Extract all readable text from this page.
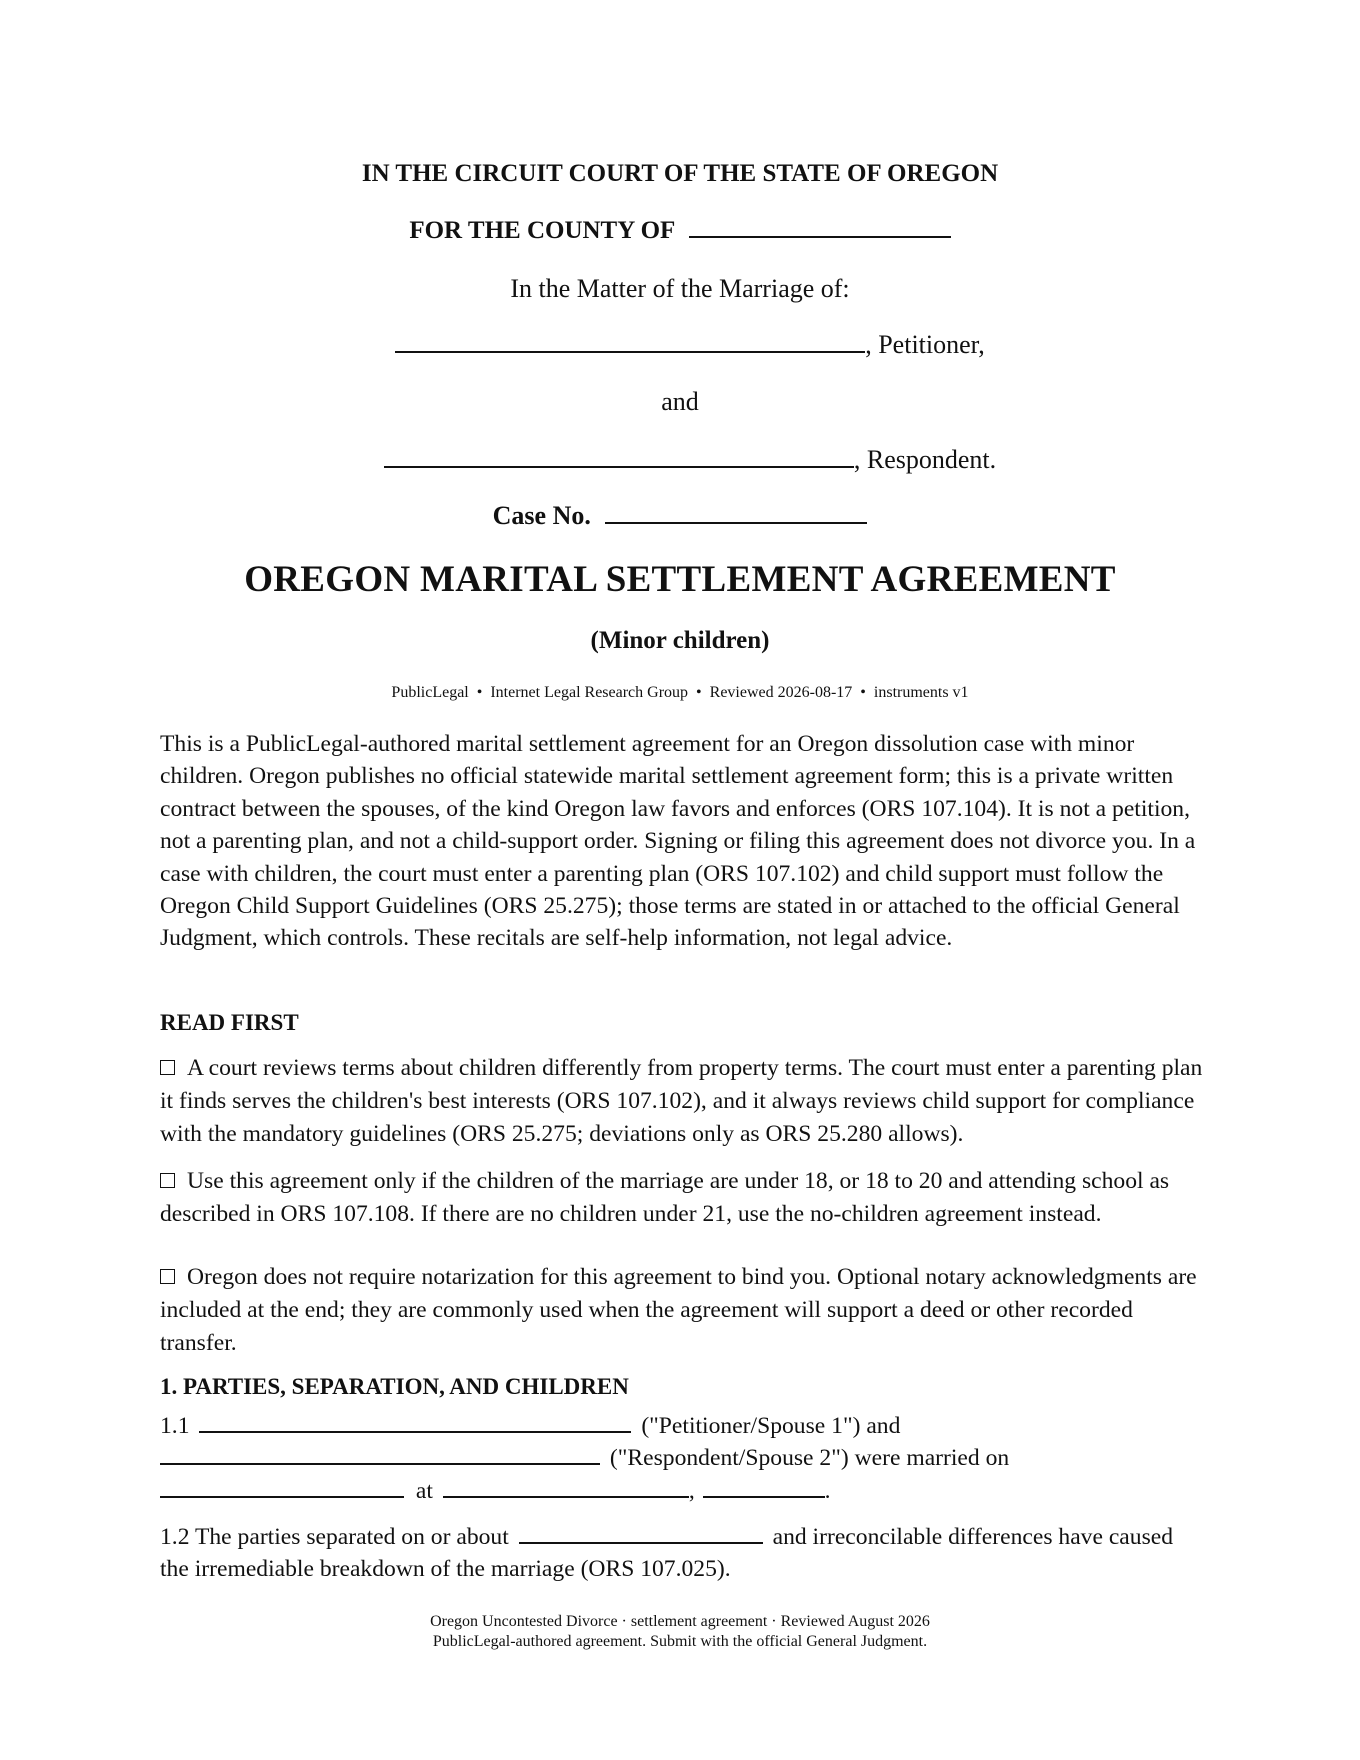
IN THE CIRCUIT COURT OF THE STATE OF OREGON
FOR THE COUNTY OF
In the Matter of the Marriage of:
, Petitioner,
and
, Respondent.
Case No.
OREGON MARITAL SETTLEMENT AGREEMENT
(Minor children)
PublicLegal • Internet Legal Research Group • Reviewed 2026-08-17 • instruments v1
This is a PublicLegal-authored marital settlement agreement for an Oregon dissolution case with minor children. Oregon publishes no official statewide marital settlement agreement form; this is a private written contract between the spouses, of the kind Oregon law favors and enforces (ORS 107.104). It is not a petition, not a parenting plan, and not a child-support order. Signing or filing this agreement does not divorce you. In a case with children, the court must enter a parenting plan (ORS 107.102) and child support must follow the Oregon Child Support Guidelines (ORS 25.275); those terms are stated in or attached to the official General Judgment, which controls. These recitals are self-help information, not legal advice.
READ FIRST
A court reviews terms about children differently from property terms. The court must enter a parenting plan it finds serves the children's best interests (ORS 107.102), and it always reviews child support for compliance with the mandatory guidelines (ORS 25.275; deviations only as ORS 25.280 allows).
Use this agreement only if the children of the marriage are under 18, or 18 to 20 and attending school as described in ORS 107.108. If there are no children under 21, use the no-children agreement instead.
Oregon does not require notarization for this agreement to bind you. Optional notary acknowledgments are included at the end; they are commonly used when the agreement will support a deed or other recorded transfer.
1. PARTIES, SEPARATION, AND CHILDREN
1.1	("Petitioner/Spouse 1") and
("Respondent/Spouse 2") were married on
at	,	.
1.2 The parties separated on or about	and irreconcilable differences have caused
the irremediable breakdown of the marriage (ORS 107.025).
Oregon Uncontested Divorce · settlement agreement · Reviewed August 2026
PublicLegal-authored agreement. Submit with the official General Judgment.
